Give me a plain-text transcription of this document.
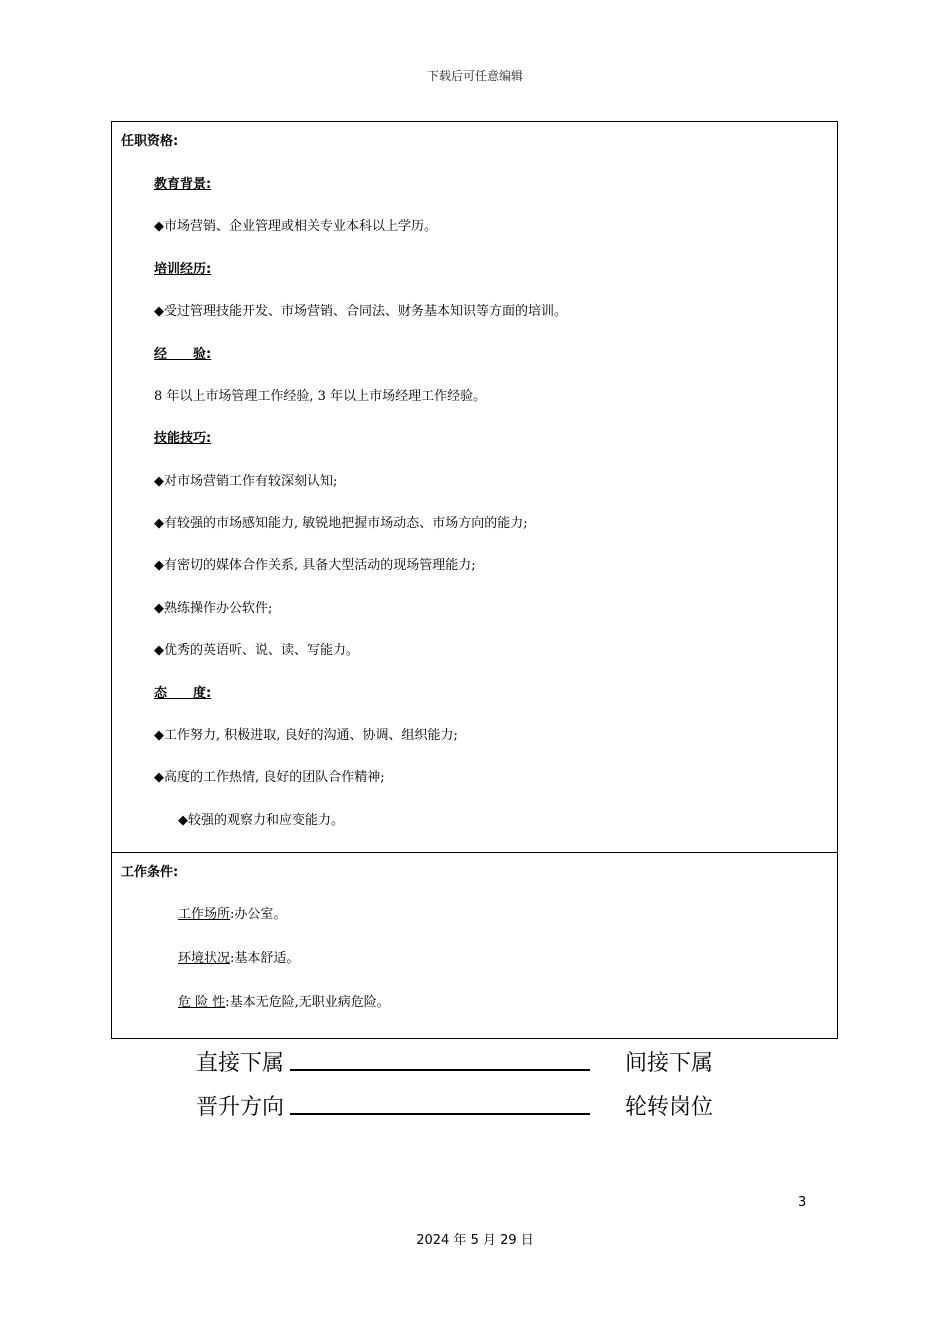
下载后可任意编辑
任职资格:
教育背景:
◆市场营销、企业管理或相关专业本科以上学历。
培训经历:
◆受过管理技能开发、市场营销、合同法、财务基本知识等方面的培训。
经　　验:
8 年以上市场管理工作经验, 3 年以上市场经理工作经验。
技能技巧:
◆对市场营销工作有较深刻认知;
◆有较强的市场感知能力, 敏锐地把握市场动态、市场方向的能力;
◆有密切的媒体合作关系, 具备大型活动的现场管理能力;
◆熟练操作办公软件;
◆优秀的英语听、说、读、写能力。
态　　度:
◆工作努力, 积极进取, 良好的沟通、协调、组织能力;
◆高度的工作热情, 良好的团队合作精神;
◆较强的观察力和应变能力。
工作条件:
工作场所:办公室。
环境状况:基本舒适。
危 险 性:基本无危险,无职业病危险。
直接下属	间接下属
晋升方向	轮转岗位
3
2024 年 5 月 29 日
